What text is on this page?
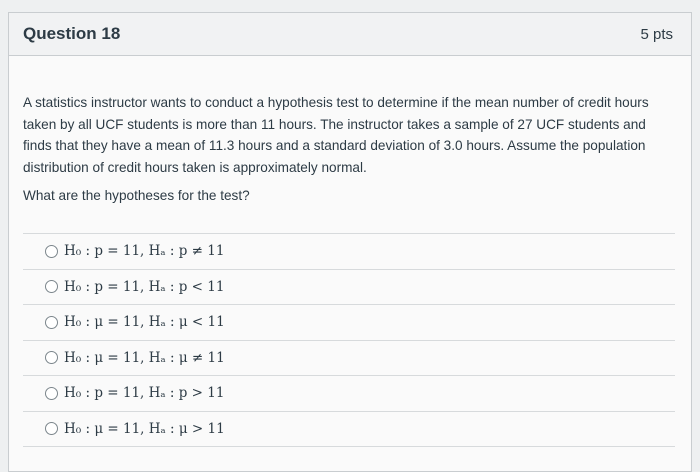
Question 18	5 pts

A statistics instructor wants to conduct a hypothesis test to determine if the mean number of credit hours taken by all UCF students is more than 11 hours. The instructor takes a sample of 27 UCF students and finds that they have a mean of 11.3 hours and a standard deviation of 3.0 hours. Assume the population distribution of credit hours taken is approximately normal.

What are the hypotheses for the test?

H₀ : p = 11, Hₐ : p ≠ 11
H₀ : p = 11, Hₐ : p < 11
H₀ : μ = 11, Hₐ : μ < 11
H₀ : μ = 11, Hₐ : μ ≠ 11
H₀ : p = 11, Hₐ : p > 11
H₀ : μ = 11, Hₐ : μ > 11
